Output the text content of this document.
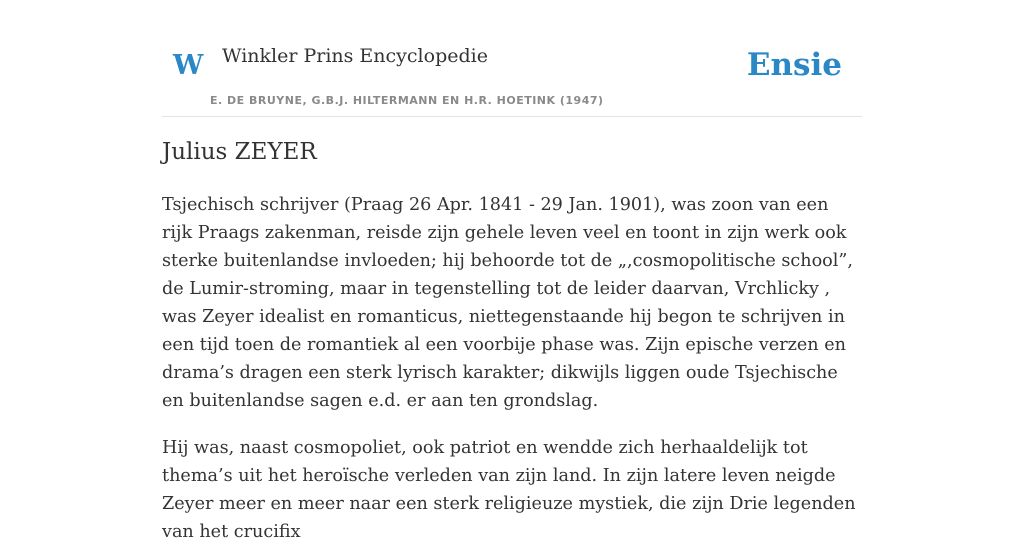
W Winkler Prins Encyclopedie
E. DE BRUYNE, G.B.J. HILTERMANN EN H.R. HOETINK (1947)
Ensie
Julius ZEYER

Tsjechisch schrijver (Praag 26 Apr. 1841 - 29 Jan. 1901), was zoon van een rijk Praags zakenman, reisde zijn gehele leven veel en toont in zijn werk ook sterke buitenlandse invloeden; hij behoorde tot de „,cosmopolitische school”, de Lumir-stroming, maar in tegenstelling tot de leider daarvan, Vrchlicky , was Zeyer idealist en romanticus, niettegenstaande hij begon te schrijven in een tijd toen de romantiek al een voorbije phase was. Zijn epische verzen en drama’s dragen een sterk lyrisch karakter; dikwijls liggen oude Tsjechische en buitenlandse sagen e.d. er aan ten grondslag.

Hij was, naast cosmopoliet, ook patriot en wendde zich herhaaldelijk tot thema’s uit het heroïsche verleden van zijn land. In zijn latere leven neigde Zeyer meer en meer naar een sterk religieuze mystiek, die zijn Drie legenden van het crucifix
